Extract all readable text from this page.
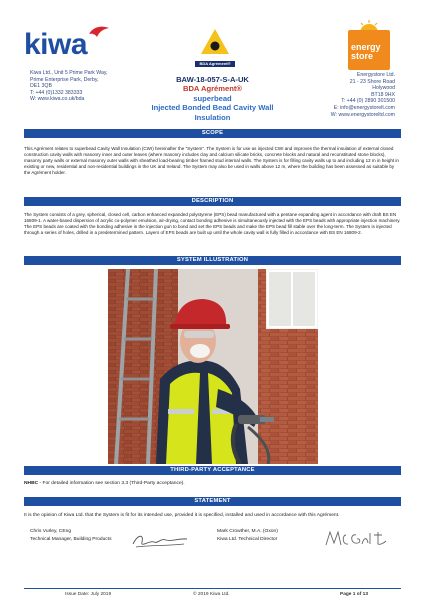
kiwa
BDA Agrément®
energy
store
Kiwa Ltd., Unit 5 Prime Park Way,
Prime Enterprise Park, Derby,
DE1 3QB
T: +44 (0)1332 383333
W: www.kiwa.co.uk/bda
BAW-18-057-S-A-UK
BDA Agrément®
superbead
Injected Bonded Bead Cavity Wall
Insulation
Energystore Ltd.
21 - 23 Shore Road
Holywood
BT18 9HX
T: +44 (0) 2890 301500
E: info@energystorelt.com
W: www.energystoreltd.com
SCOPE
This Agrément relates to superbead Cavity Wall Insulation (CWI) hereinafter the "System". The System is for use as injected CWI and improves the thermal insulation of external closed construction cavity walls with masonry inner and outer leaves (where masonry includes clay and calcium silicate bricks, concrete blocks and natural and reconstituted stone blocks), masonry party walls or external masonry outer walls with sheathed load-bearing timber framed stud internal walls. The System is for filling cavity walls up to and including 12 m in height in existing or new, residential and non-residential buildings in the UK and Ireland. The System may also be used in walls above 12 m, where the building has been assessed as suitable by the Agrément holder.
DESCRIPTION
The System consists of a grey, spherical, closed cell, carbon enhanced expanded polystyrene (EPS) bead manufactured with a pentane expanding agent in accordance with draft BS EN 16809-1. A water-based dispersion of acrylic co-polymer emulsion, air-drying, contact bonding adhesive is simultaneously injected with the EPS beads with appropriate injection machinery. The EPS beads are coated with the bonding adhesive in the injection gun to bond and set the EPS beads and make the EPS bead fill stable over the long-term. The System is injected through a series of holes, drilled in a predetermined pattern. Layers of EPS beads are built up until the whole cavity wall is fully filled in accordance with BS EN 16809-2.
SYSTEM ILLUSTRATION
THIRD-PARTY ACCEPTANCE
NHBC - For detailed information see section 3.3 (Third-Party acceptance).
STATEMENT
It is the opinion of Kiwa Ltd. that the System is fit for its intended use, provided it is specified, installed and used in accordance with this Agrément.
Chris Vurley, CEng
Technical Manager, Building Products
Mark Crowther, M.A. (Oxon)
Kiwa Ltd. Technical Director
Issue Date: July 2019	© 2019 Kiwa Ltd.	Page 1 of 13
